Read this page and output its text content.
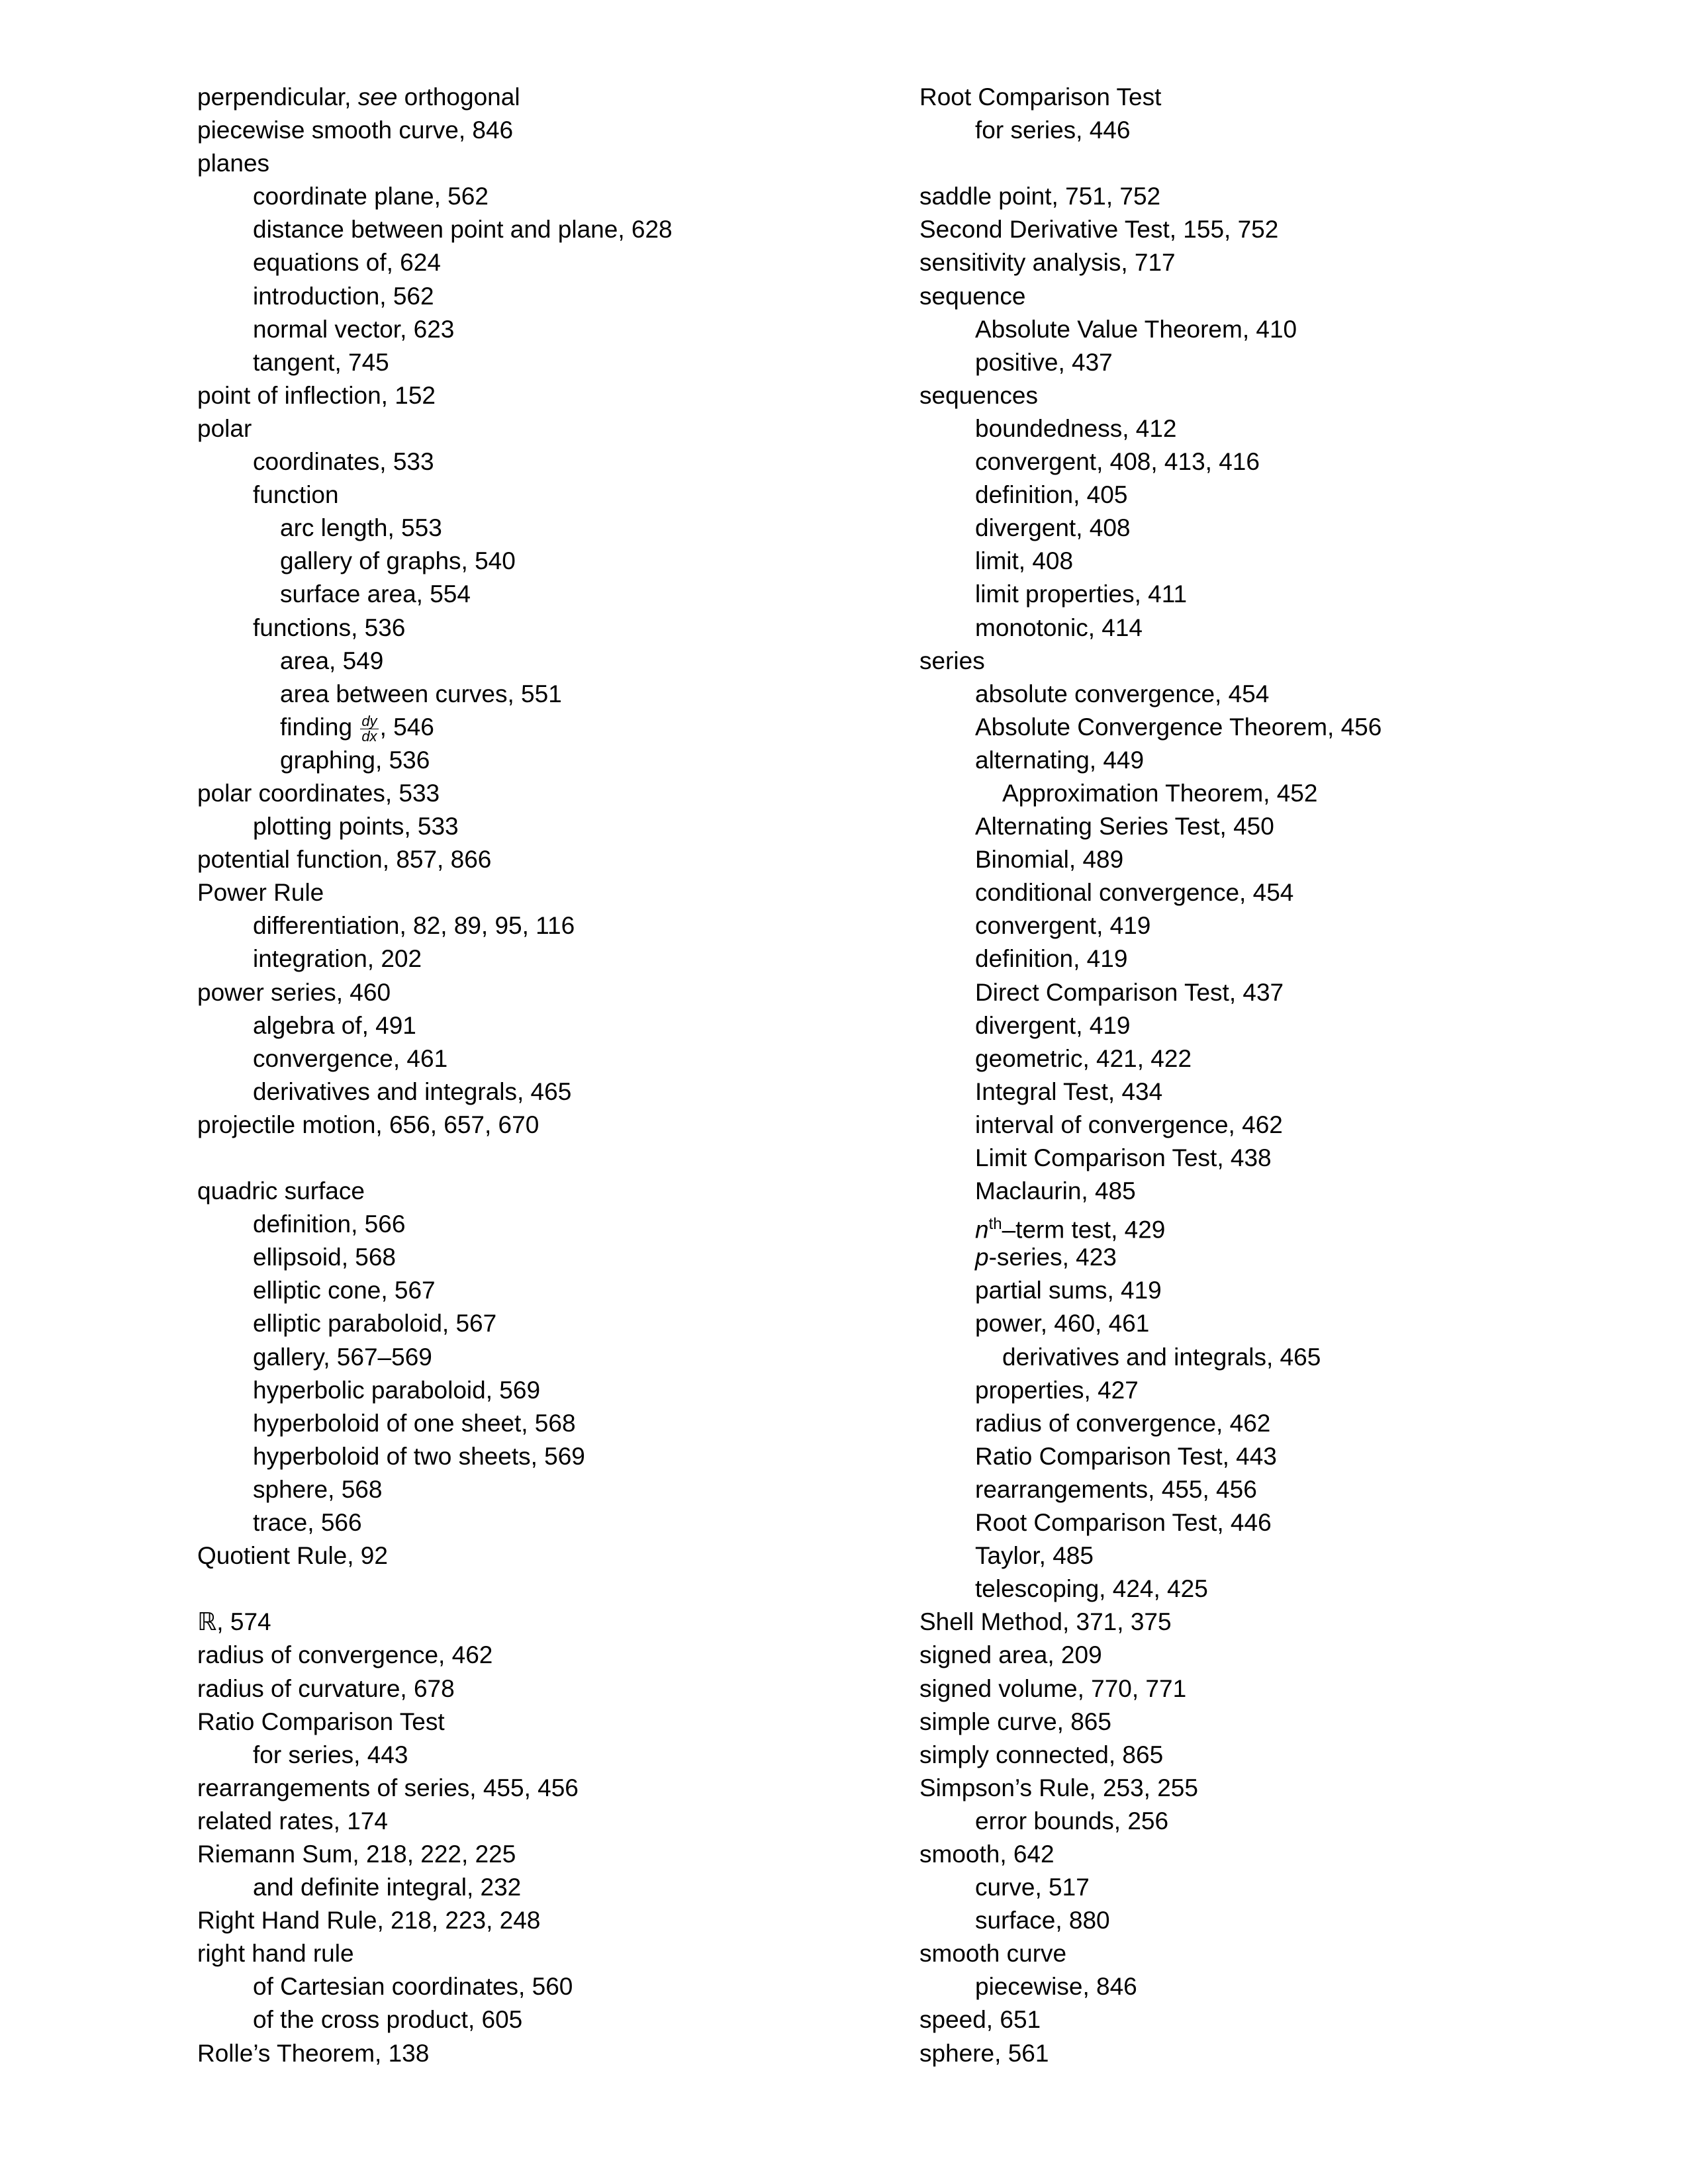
perpendicular, see orthogonal
piecewise smooth curve, 846
planes
coordinate plane, 562
distance between point and plane, 628
equations of, 624
introduction, 562
normal vector, 623
tangent, 745
point of inflection, 152
polar
coordinates, 533
function
arc length, 553
gallery of graphs, 540
surface area, 554
functions, 536
area, 549
area between curves, 551
finding $\frac{dy}{dx}$ , 546
graphing, 536
polar coordinates, 533
plotting points, 533
potential function, 857, 866
Power Rule
differentiation, 82, 89, 95, 116
integration, 202
power series, 460
algebra of, 491
convergence, 461
derivatives and integrals, 465
projectile motion, 656, 657, 670
quadric surface
definition, 566
ellipsoid, 568
elliptic cone, 567
elliptic paraboloid, 567
gallery, 567–569
hyperbolic paraboloid, 569
hyperboloid of one sheet, 568
hyperboloid of two sheets, 569
sphere, 568
trace, 566
Quotient Rule, 92
ℝ, 574
radius of convergence, 462
radius of curvature, 678
Ratio Comparison Test
for series, 443
rearrangements of series, 455, 456
related rates, 174
Riemann Sum, 218, 222, 225
and definite integral, 232
Right Hand Rule, 218, 223, 248
right hand rule
of Cartesian coordinates, 560
of the cross product, 605
Rolle’s Theorem, 138
Root Comparison Test
for series, 446
saddle point, 751, 752
Second Derivative Test, 155, 752
sensitivity analysis, 717
sequence
Absolute Value Theorem, 410
positive, 437
sequences
boundedness, 412
convergent, 408, 413, 416
definition, 405
divergent, 408
limit, 408
limit properties, 411
monotonic, 414
series
absolute convergence, 454
Absolute Convergence Theorem, 456
alternating, 449
Approximation Theorem, 452
Alternating Series Test, 450
Binomial, 489
conditional convergence, 454
convergent, 419
definition, 419
Direct Comparison Test, 437
divergent, 419
geometric, 421, 422
Integral Test, 434
interval of convergence, 462
Limit Comparison Test, 438
Maclaurin, 485
$n^{th}$–term test, 429
p-series, 423
partial sums, 419
power, 460, 461
derivatives and integrals, 465
properties, 427
radius of convergence, 462
Ratio Comparison Test, 443
rearrangements, 455, 456
Root Comparison Test, 446
Taylor, 485
telescoping, 424, 425
Shell Method, 371, 375
signed area, 209
signed volume, 770, 771
simple curve, 865
simply connected, 865
Simpson’s Rule, 253, 255
error bounds, 256
smooth, 642
curve, 517
surface, 880
smooth curve
piecewise, 846
speed, 651
sphere, 561
